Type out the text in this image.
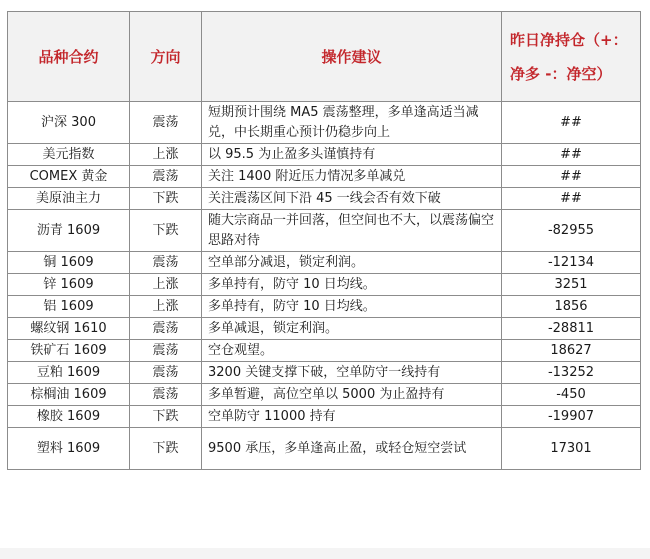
品种合约	方向	操作建议	昨日净持仓（+：净多 -：净空）
沪深 300	震荡	短期预计围绕 MA5 震荡整理，多单逢高适当减兑，中长期重心预计仍稳步向上	##
美元指数	上涨	以 95.5 为止盈多头谨慎持有	##
COMEX 黄金	震荡	关注 1400 附近压力情况多单减兑	##
美原油主力	下跌	关注震荡区间下沿 45 一线会否有效下破	##
沥青 1609	下跌	随大宗商品一并回落，但空间也不大，以震荡偏空思路对待	-82955
铜 1609	震荡	空单部分减退，锁定利润。	-12134
锌 1609	上涨	多单持有，防守 10 日均线。	3251
铝 1609	上涨	多单持有，防守 10 日均线。	1856
螺纹钢 1610	震荡	多单减退，锁定利润。	-28811
铁矿石 1609	震荡	空仓观望。	18627
豆粕 1609	震荡	3200 关键支撑下破，空单防守一线持有	-13252
棕榈油 1609	震荡	多单暂避，高位空单以 5000 为止盈持有	-450
橡胶 1609	下跌	空单防守 11000 持有	-19907
塑料 1609	下跌	9500 承压，多单逢高止盈，或轻仓短空尝试	17301
